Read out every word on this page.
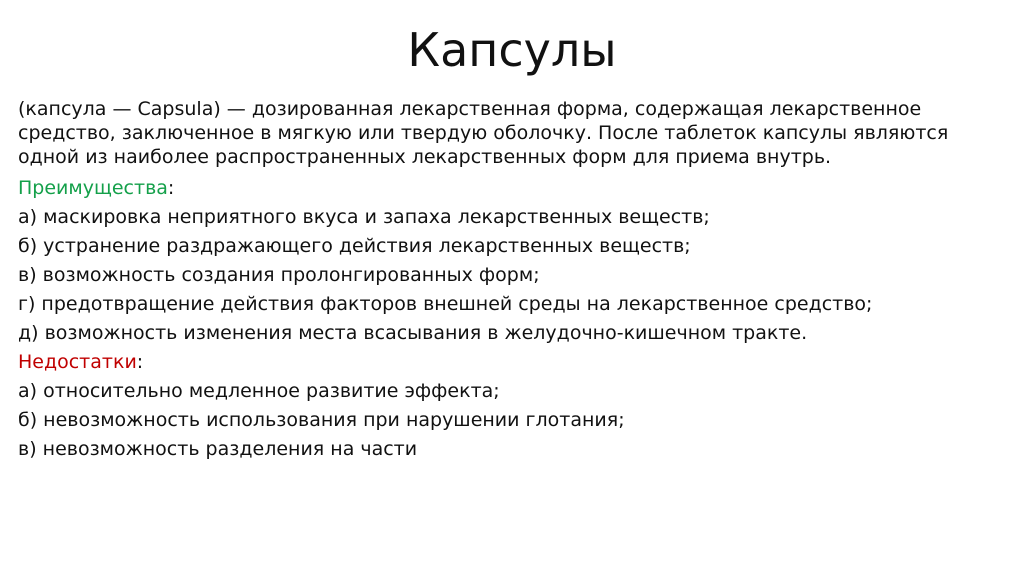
Капсулы

(капсула — Capsula) — дозированная лекарственная форма, содержащая лекарственное средство, заключенное в мягкую или твердую оболочку. После таблеток капсулы являются одной из наиболее распространенных лекарственных форм для приема внутрь.

Преимущества:

а) маскировка неприятного вкуса и запаха лекарственных веществ;

б) устранение раздражающего действия лекарственных веществ;

в) возможность создания пролонгированных форм;

г) предотвращение действия факторов внешней среды на лекарственное средство;

д) возможность изменения места всасывания в желудочно-кишечном тракте.

Недостатки:

а) относительно медленное развитие эффекта;

б) невозможность использования при нарушении глотания;

в) невозможность разделения на части
